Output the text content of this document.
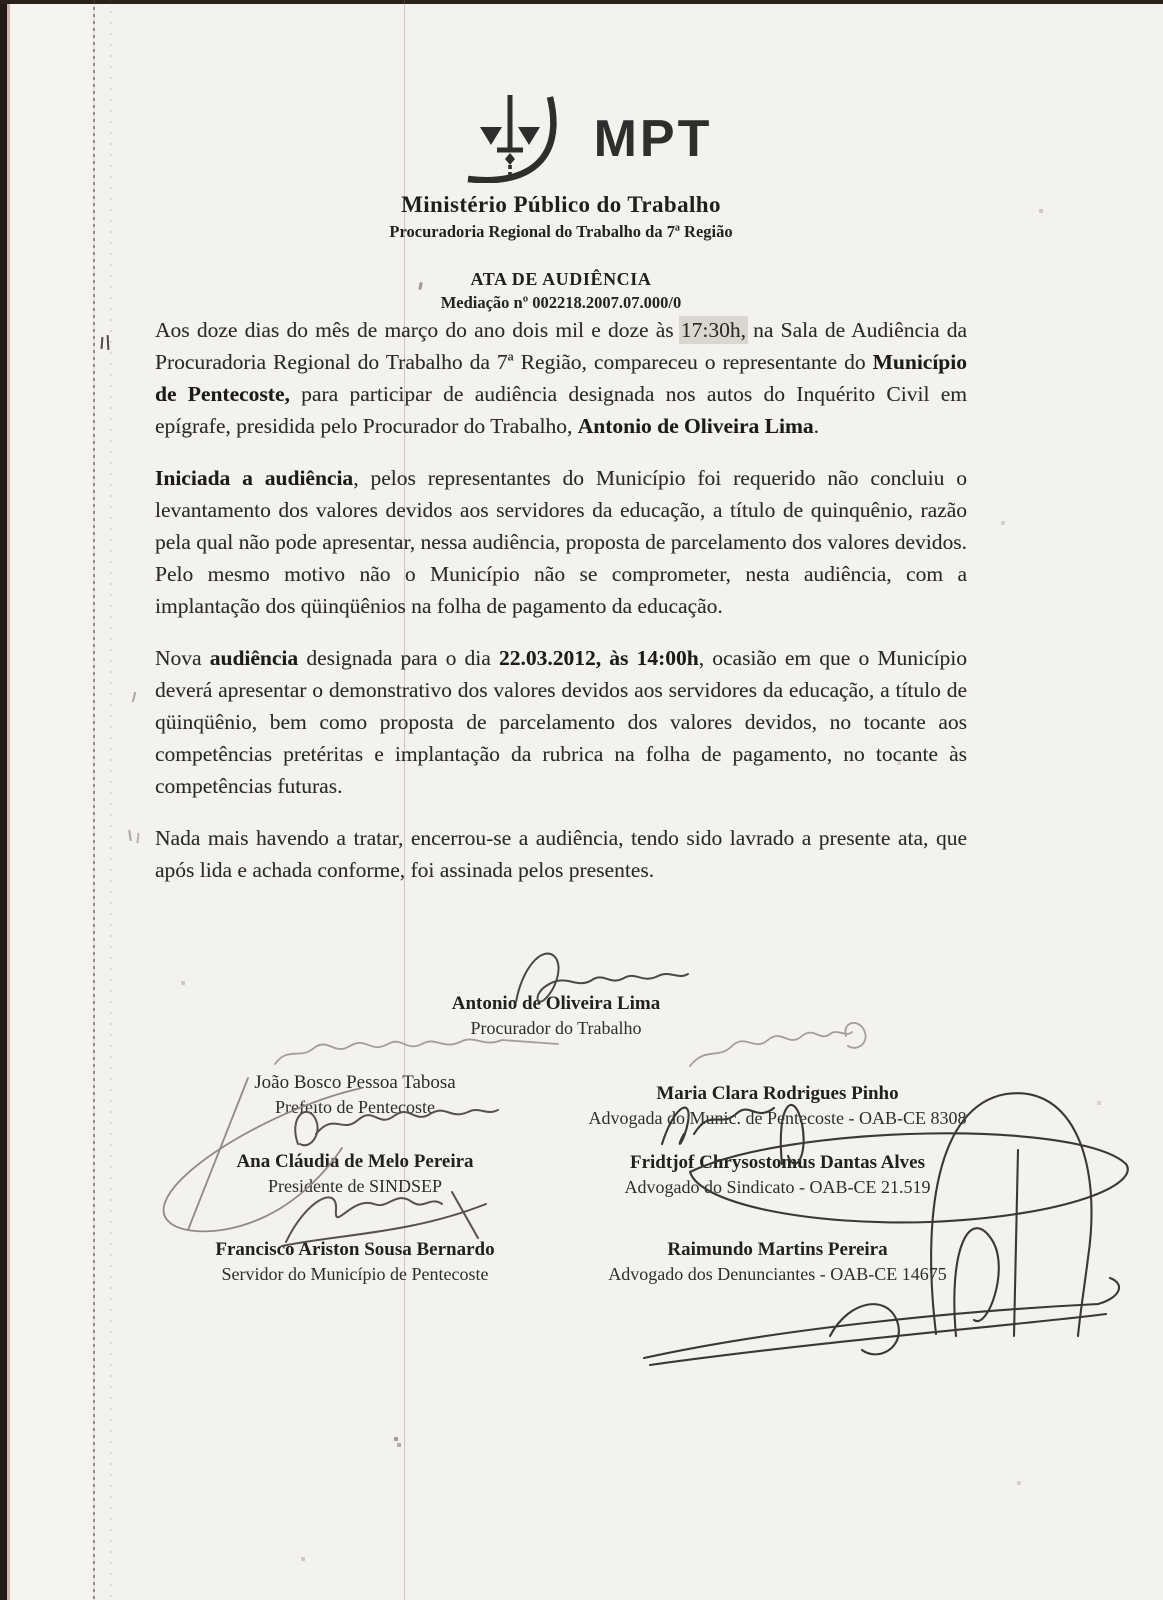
MPT
Ministério Público do Trabalho
Procuradoria Regional do Trabalho da 7ª Região
ATA DE AUDIÊNCIA
Mediação nº 002218.2007.07.000/0

Aos doze dias do mês de março do ano dois mil e doze às 17:30h, na Sala de Audiência da Procuradoria Regional do Trabalho da 7ª Região, compareceu o representante do Município de Pentecoste, para participar de audiência designada nos autos do Inquérito Civil em epígrafe, presidida pelo Procurador do Trabalho, Antonio de Oliveira Lima.

Iniciada a audiência, pelos representantes do Município foi requerido não concluiu o levantamento dos valores devidos aos servidores da educação, a título de quinquênio, razão pela qual não pode apresentar, nessa audiência, proposta de parcelamento dos valores devidos. Pelo mesmo motivo não o Município não se comprometer, nesta audiência, com a implantação dos qüinqüênios na folha de pagamento da educação.

Nova audiência designada para o dia 22.03.2012, às 14:00h, ocasião em que o Município deverá apresentar o demonstrativo dos valores devidos aos servidores da educação, a título de qüinqüênio, bem como proposta de parcelamento dos valores devidos, no tocante aos competências pretéritas e implantação da rubrica na folha de pagamento, no tocante às competências futuras.

Nada mais havendo a tratar, encerrou-se a audiência, tendo sido lavrado a presente ata, que após lida e achada conforme, foi assinada pelos presentes.

Antonio de Oliveira Lima
Procurador do Trabalho
João Bosco Pessoa Tabosa
Prefeito de Pentecoste
Ana Cláudia de Melo Pereira
Presidente de SINDSEP
Francisco Ariston Sousa Bernardo
Servidor do Município de Pentecoste
Maria Clara Rodrigues Pinho
Advogada do Munic. de Pentecoste - OAB-CE 8308
Fridtjof Chrysostomus Dantas Alves
Advogado do Sindicato - OAB-CE 21.519
Raimundo Martins Pereira
Advogado dos Denunciantes - OAB-CE 14675
